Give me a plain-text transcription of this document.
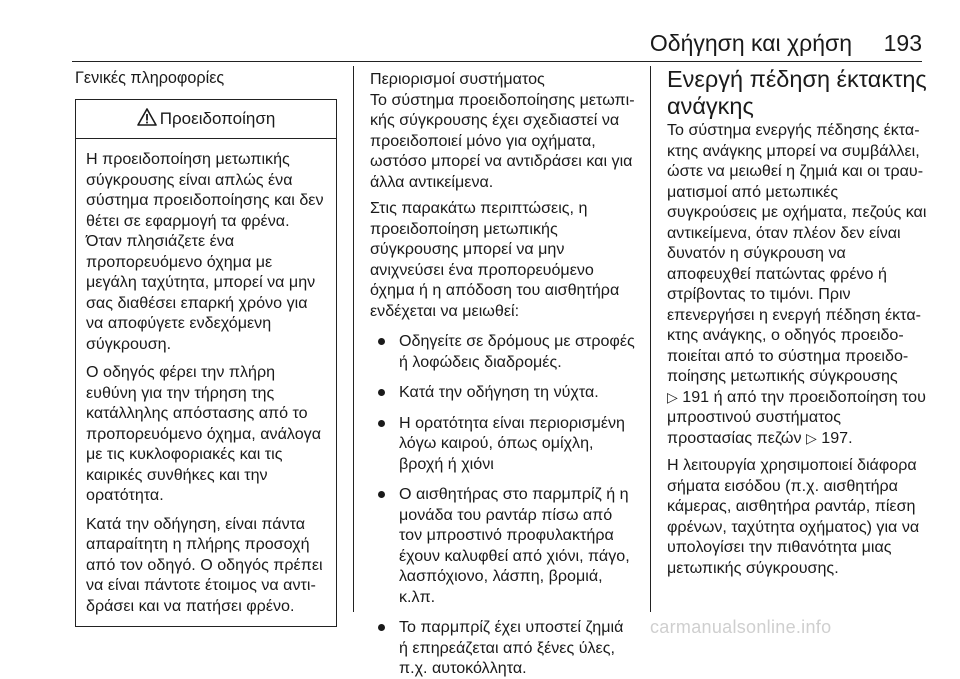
Οδήγηση και χρήση 193
Γενικές πληροφορίες
Προειδοποίηση

Η προειδοποίηση μετωπικής σύγκρουσης είναι απλώς ένα σύστημα προειδοποίησης και δεν θέτει σε εφαρμογή τα φρένα. Όταν πλησιάζετε ένα προπορευόμενο όχημα με μεγάλη ταχύτητα, μπορεί να μην σας διαθέσει επαρκή χρόνο για να αποφύγετε ενδεχόμενη σύγκρουση.

Ο οδηγός φέρει την πλήρη ευθύνη για την τήρηση της κατάλληλης απόστασης από το προπορευόμενο όχημα, ανάλογα με τις κυκλοφοριακές και τις καιρικές συνθήκες και την ορατότητα.

Κατά την οδήγηση, είναι πάντα απαραίτητη η πλήρης προσοχή από τον οδηγό. Ο οδηγός πρέπει να είναι πάντοτε έτοιμος να αντιδράσει και να πατήσει φρένο.

Περιορισμοί συστήματος

Το σύστημα προειδοποίησης μετωπικής σύγκρουσης έχει σχεδιαστεί να προειδοποιεί μόνο για οχήματα, ωστόσο μπορεί να αντιδράσει και για άλλα αντικείμενα.

Στις παρακάτω περιπτώσεις, η προειδοποίηση μετωπικής σύγκρουσης μπορεί να μην ανιχνεύσει ένα προπορευόμενο όχημα ή η απόδοση του αισθητήρα ενδέχεται να μειωθεί:

Οδηγείτε σε δρόμους με στροφές ή λοφώδεις διαδρομές.
Κατά την οδήγηση τη νύχτα.
Η ορατότητα είναι περιορισμένη λόγω καιρού, όπως ομίχλη, βροχή ή χιόνι
Ο αισθητήρας στο παρμπρίζ ή η μονάδα του ραντάρ πίσω από τον μπροστινό προφυλακτήρα έχουν καλυφθεί από χιόνι, πάγο, λασπόχιονο, λάσπη, βρομιά, κ.λπ.
Το παρμπρίζ έχει υποστεί ζημιά ή επηρεάζεται από ξένες ύλες, π.χ. αυτοκόλλητα.
Ενεργή πέδηση έκτακτης
ανάγκης

Το σύστημα ενεργής πέδησης έκτακτης ανάγκης μπορεί να συμβάλλει, ώστε να μειωθεί η ζημιά και οι τραυματισμοί από μετωπικές συγκρούσεις με οχήματα, πεζούς και αντικείμενα, όταν πλέον δεν είναι δυνατόν η σύγκρουση να αποφευχθεί πατώντας φρένο ή στρίβοντας το τιμόνι. Πριν επενεργήσει η ενεργή πέδηση έκτακτης ανάγκης, ο οδηγός προειδοποιείται από το σύστημα προειδοποίησης μετωπικής σύγκρουσης
▷ 191 ή από την προειδοποίηση του μπροστινού συστήματος προστασίας πεζών ▷ 197.

Η λειτουργία χρησιμοποιεί διάφορα σήματα εισόδου (π.χ. αισθητήρα κάμερας, αισθητήρα ραντάρ, πίεση φρένων, ταχύτητα οχήματος) για να υπολογίσει την πιθανότητα μιας μετωπικής σύγκρουσης.

carmanualsonline.info
